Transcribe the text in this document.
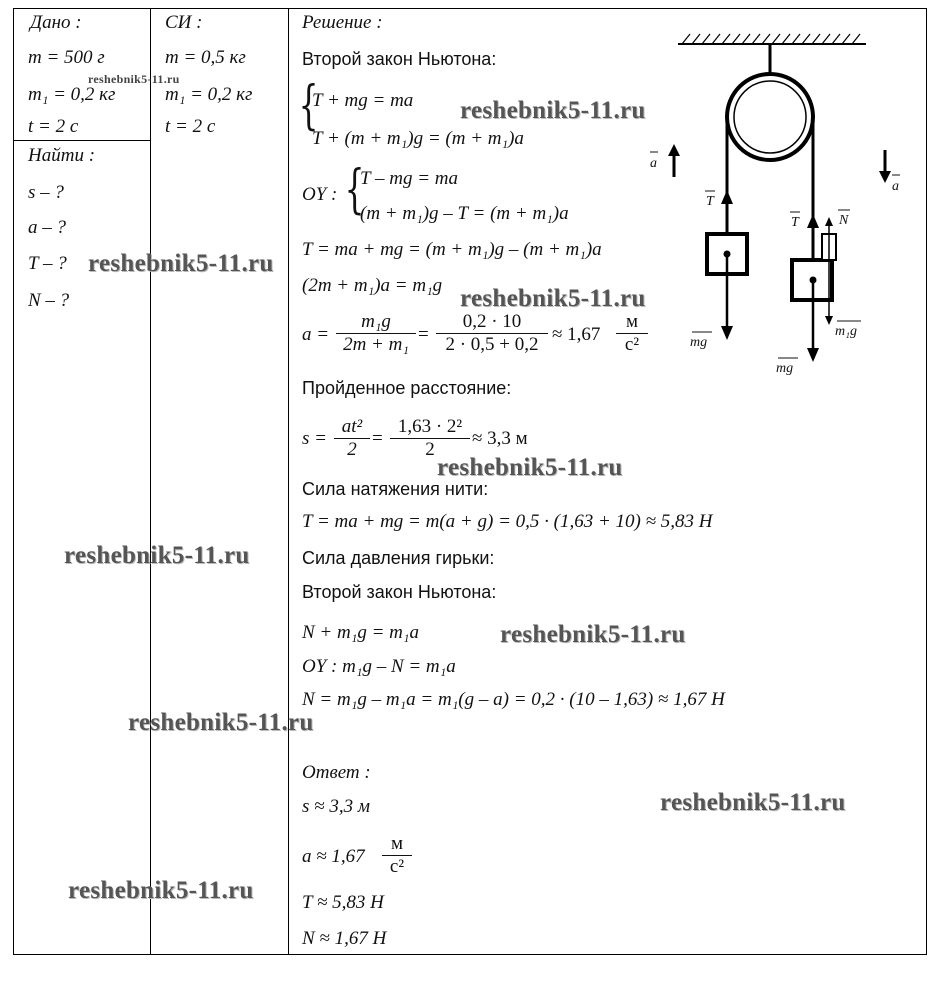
Дано :
m = 500 г
m₁ = 0,2 кг
t = 2 с
Найти :
s – ?
a – ?
T – ?
N – ?
СИ :
m = 0,5 кг
m₁ = 0,2 кг
t = 2 с
Решение :
Второй закон Ньютона:
{
T + mg = ma
T + (m + m₁)g = (m + m₁)a
OY : {
T – mg = ma
(m + m₁)g – T = (m + m₁)a
T = ma + mg = (m + m₁)g – (m + m₁)a
(2m + m₁)a = m₁g
$a = \frac{\text{m₁g}}{\text{2m + m₁}} = \frac{0,2 \cdot 10}{2 \cdot 0,5 + 0,2} \approx 1,67$
м
с²
Пройденное расстояние:
$s = \frac{\text{at²}}{2} = \frac{\text{1,63 · 2²}}{2} \approx 3,3$ м
Сила натяжения нити:
T = ma + mg = m(a + g) = 0,5 · (1,63 + 10) ≈ 5,83 Н
Сила давления гирьки:
Второй закон Ньютона:
N + m₁g = m₁a
OY : m₁g – N = m₁a
N = m₁g – m₁a = m₁(g – a) = 0,2 · (10 – 1,63) ≈ 1,67 Н
Ответ :
s ≈ 3,3 м
a ≈ 1,67
м
с²
T ≈ 5,83 Н
N ≈ 1,67 Н
a
a
T
T	N
mg
mg
m₁g
reshebnik5-11.ru
reshebnik5-11.ru
reshebnik5-11.ru
reshebnik5-11.ru
reshebnik5-11.ru
reshebnik5-11.ru
reshebnik5-11.ru
reshebnik5-11.ru
reshebnik5-11.ru
reshebnik5-11.ru
